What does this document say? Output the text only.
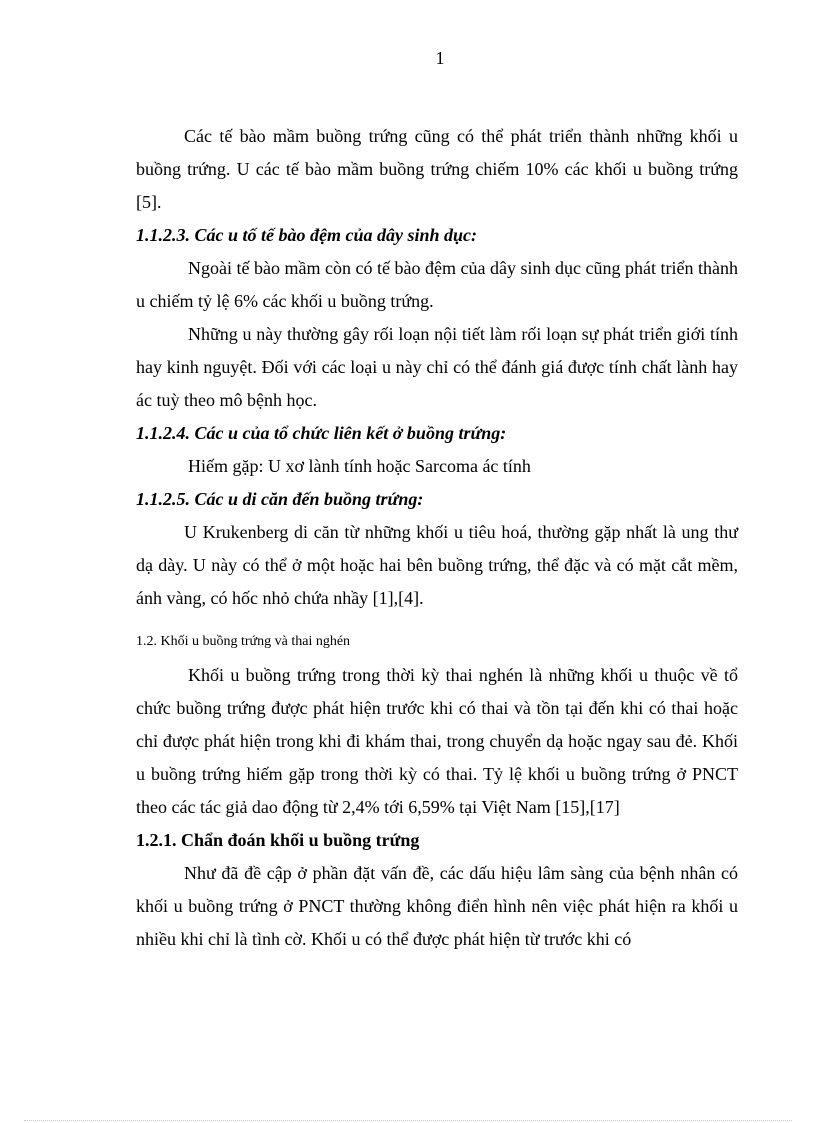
1

Các tế bào mầm buồng trứng cũng có thể phát triển thành những khối u buồng trứng. U các tế bào mầm buồng trứng chiếm 10% các khối u buồng trứng [5].

1.1.2.3. Các u tố tế bào đệm của dây sinh dục:

Ngoài tế bào mầm còn có tế bào đệm của dây sinh dục cũng phát triển thành u chiếm tỷ lệ 6% các khối u buồng trứng.

Những u này thường gây rối loạn nội tiết làm rối loạn sự phát triển giới tính hay kinh nguyệt. Đối với các loại u này chỉ có thể đánh giá được tính chất lành hay ác tuỳ theo mô bệnh học.

1.1.2.4. Các u của tổ chức liên kết ở buồng trứng:

Hiếm gặp: U xơ lành tính hoặc Sarcoma ác tính

1.1.2.5. Các u di căn đến buồng trứng:

U Krukenberg di căn từ những khối u tiêu hoá, thường gặp nhất là ung thư dạ dày. U này có thể ở một hoặc hai bên buồng trứng, thể đặc và có mặt cắt mềm, ánh vàng, có hốc nhỏ chứa nhầy [1],[4].

1.2. Khối u buồng trứng và thai nghén

Khối u buồng trứng trong thời kỳ thai nghén là những khối u thuộc về tổ chức buồng trứng được phát hiện trước khi có thai và tồn tại đến khi có thai hoặc chỉ được phát hiện trong khi đi khám thai, trong chuyển dạ hoặc ngay sau đẻ. Khối u buồng trứng hiếm gặp trong thời kỳ có thai. Tỷ lệ khối u buồng trứng ở PNCT theo các tác giả dao động từ 2,4% tới 6,59% tại Việt Nam [15],[17]

1.2.1. Chẩn đoán khối u buồng trứng

Như đã đề cập ở phần đặt vấn đề, các dấu hiệu lâm sàng của bệnh nhân có khối u buồng trứng ở PNCT thường không điển hình nên việc phát hiện ra khối u nhiều khi chỉ là tình cờ. Khối u có thể được phát hiện từ trước khi có
